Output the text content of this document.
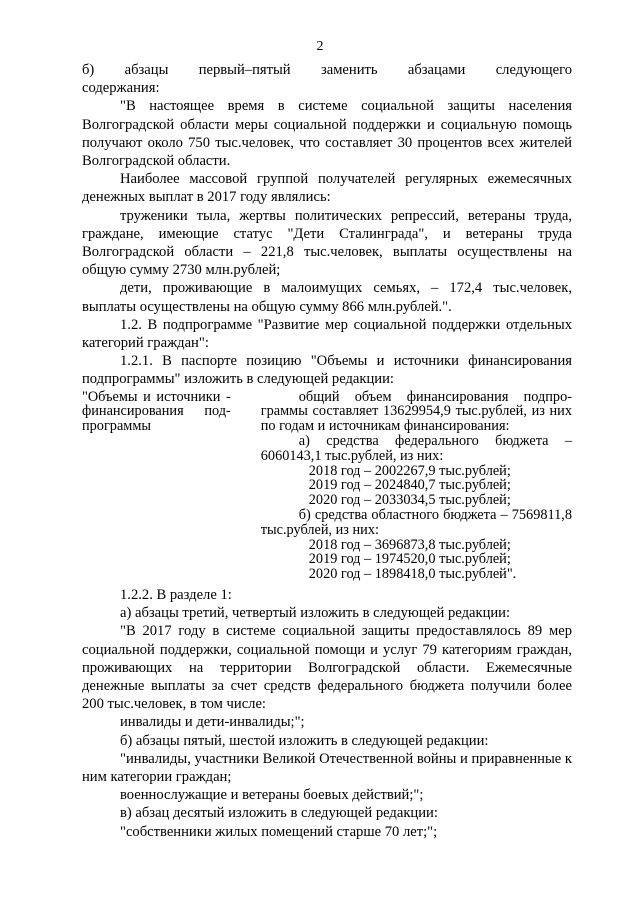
2

б) абзацы первый–пятый заменить абзацами следующего

содержания:

"В настоящее время в системе социальной защиты населения Волгоградской области меры социальной поддержки и социальную помощь получают около 750 тыс.человек, что составляет 30 процентов всех жителей Волгоградской области.

Наиболее массовой группой получателей регулярных ежемесячных денежных выплат в 2017 году являлись:

труженики тыла, жертвы политических репрессий, ветераны труда, граждане, имеющие статус "Дети Сталинграда", и ветераны труда Волгоградской области – 221,8 тыс.человек, выплаты осуществлены на общую сумму 2730 млн.рублей;

дети, проживающие в малоимущих семьях, – 172,4 тыс.человек, выплаты осуществлены на общую сумму 866 млн.рублей.".

1.2. В подпрограмме "Развитие мер социальной поддержки отдельных категорий граждан":

1.2.1. В паспорте позицию "Объемы и источники финансирования подпрограммы" изложить в следующей редакции:

"Объемы и источники - финансирования под- программы

общий объем финансирования подпро- граммы составляет 13629954,9 тыс.рублей, из них по годам и источникам финансирования:

а) средства федерального бюджета – 6060143,1 тыс.рублей, из них:

2018 год – 2002267,9 тыс.рублей;
2019 год – 2024840,7 тыс.рублей;
2020 год – 2033034,5 тыс.рублей;

б) средства областного бюджета – 7569811,8 тыс.рублей, из них:

2018 год – 3696873,8 тыс.рублей;
2019 год – 1974520,0 тыс.рублей;
2020 год – 1898418,0 тыс.рублей".

1.2.2. В разделе 1:

а) абзацы третий, четвертый изложить в следующей редакции:

"В 2017 году в системе социальной защиты предоставлялось 89 мер социальной поддержки, социальной помощи и услуг 79 категориям граждан, проживающих на территории Волгоградской области. Ежемесячные денежные выплаты за счет средств федерального бюджета получили более 200 тыс.человек, в том числе:

инвалиды и дети-инвалиды;";

б) абзацы пятый, шестой изложить в следующей редакции:

"инвалиды, участники Великой Отечественной войны и приравненные к ним категории граждан;

военнослужащие и ветераны боевых действий;";

в) абзац десятый изложить в следующей редакции:

"собственники жилых помещений старше 70 лет;";
